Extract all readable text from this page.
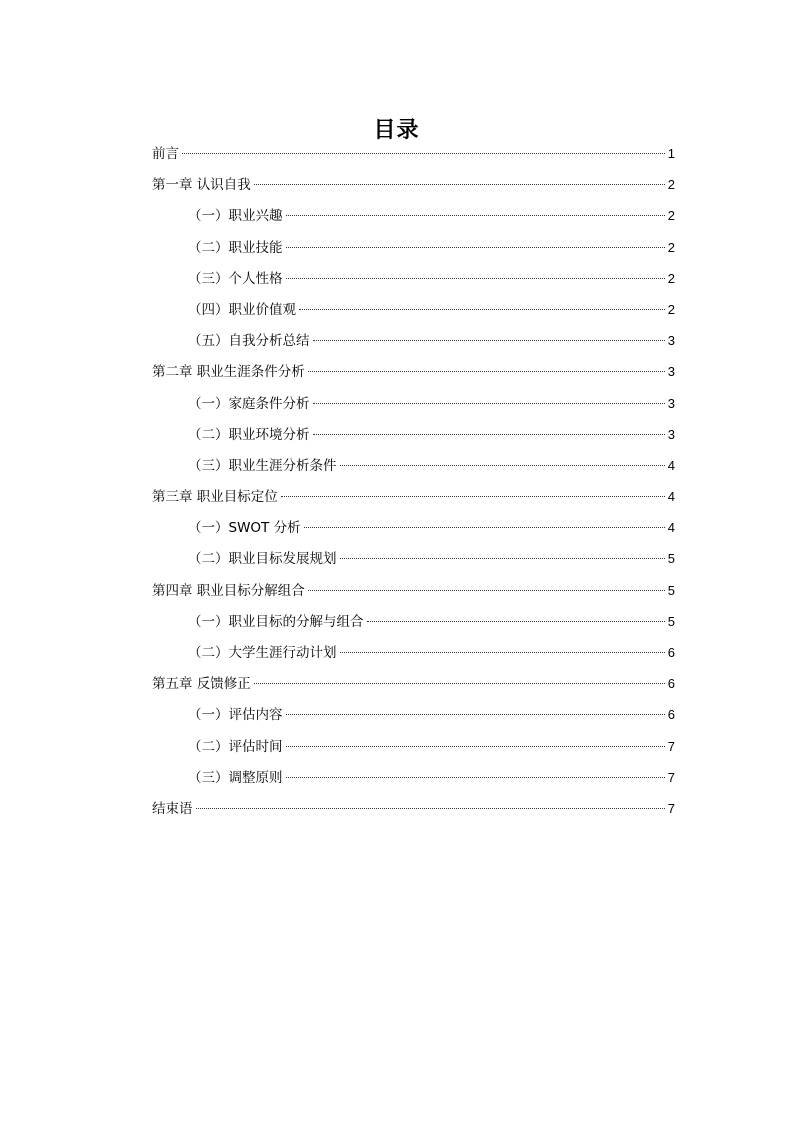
目录
前言	1
第一章 认识自我	2
（一）职业兴趣	2
（二）职业技能	2
（三）个人性格	2
（四）职业价值观	2
（五）自我分析总结	3
第二章 职业生涯条件分析	3
（一）家庭条件分析	3
（二）职业环境分析	3
（三）职业生涯分析条件	4
第三章 职业目标定位	4
（一）SWOT 分析	4
（二）职业目标发展规划	5
第四章 职业目标分解组合	5
（一）职业目标的分解与组合	5
（二）大学生涯行动计划	6
第五章 反馈修正	6
（一）评估内容	6
（二）评估时间	7
（三）调整原则	7
结束语	7
